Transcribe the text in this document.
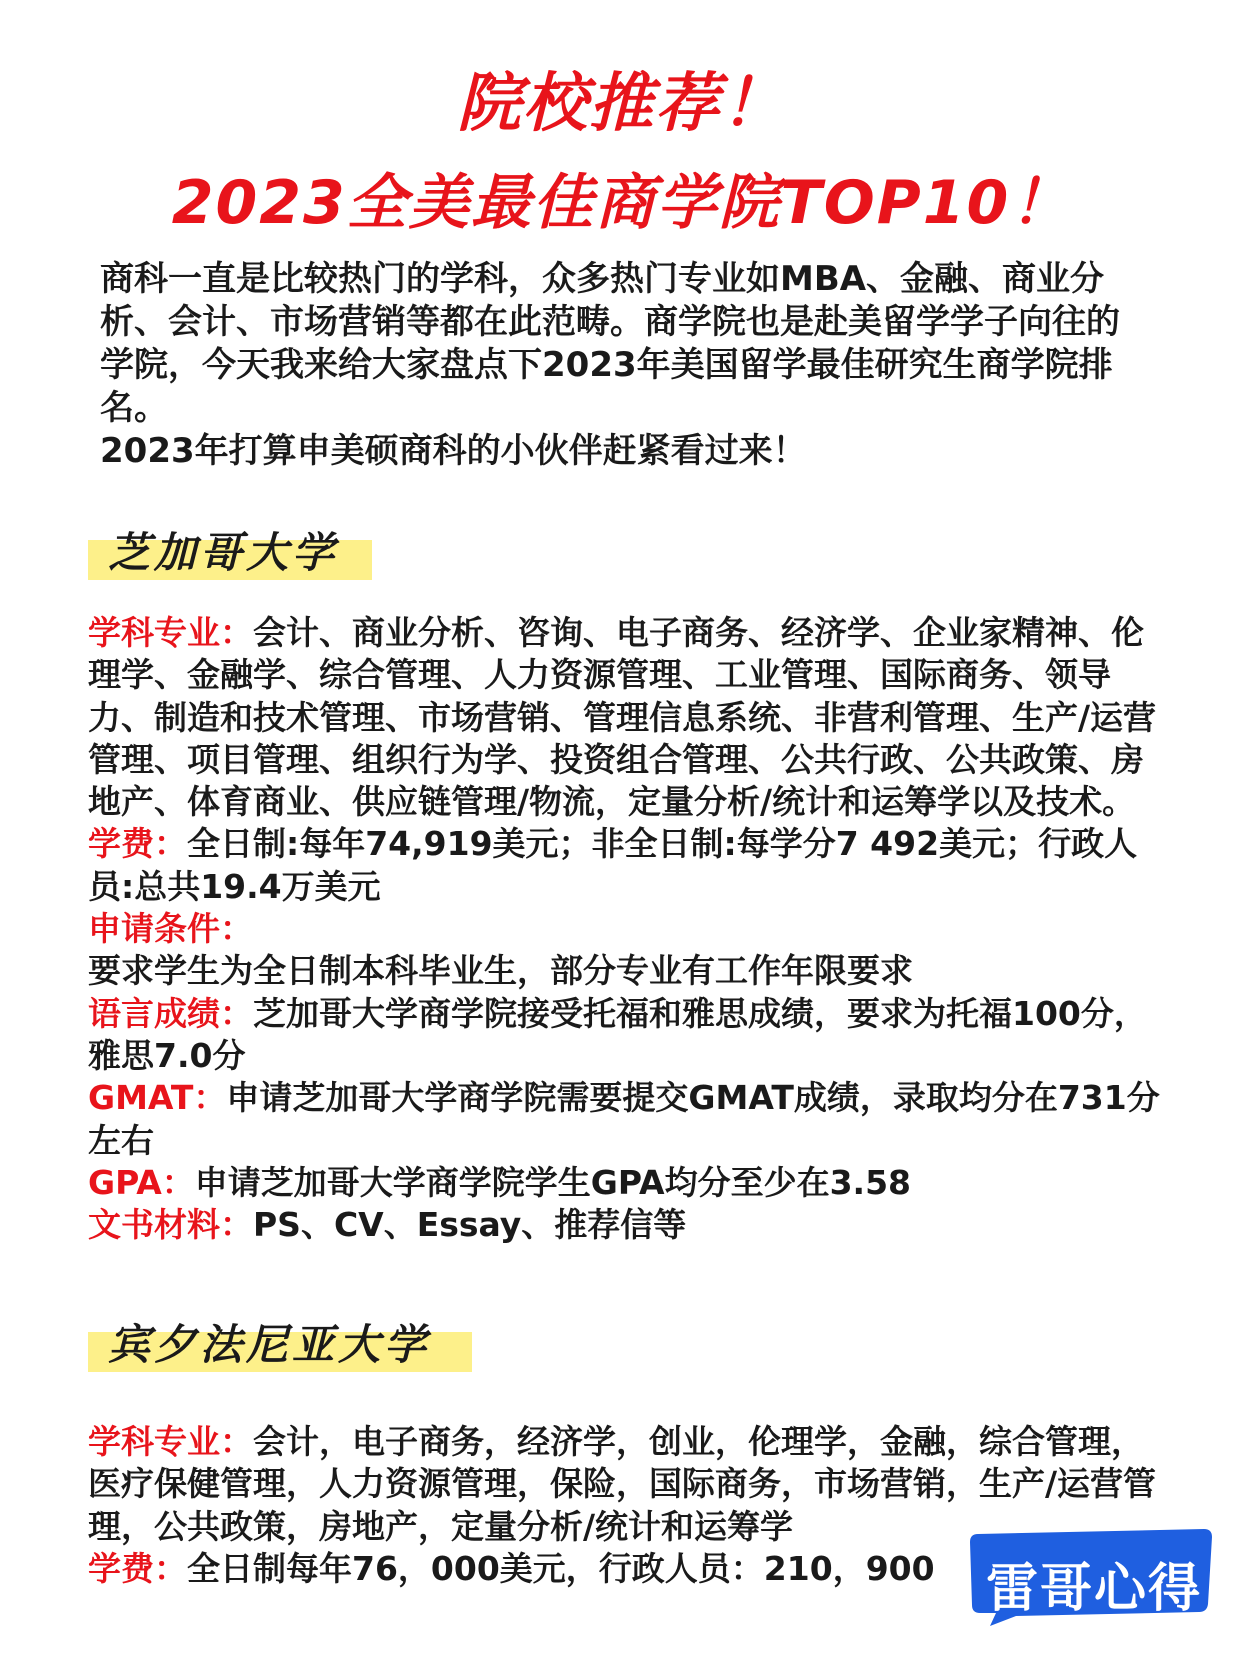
院校推荐！
2023全美最佳商学院TOP10！

商科一直是比较热门的学科，众多热门专业如MBA、金融、商业分析、会计、市场营销等都在此范畴。商学院也是赴美留学学子向往的学院，今天我来给大家盘点下2023年美国留学最佳研究生商学院排名。

2023年打算申美硕商科的小伙伴赶紧看过来！

芝加哥大学

学科专业：会计、商业分析、咨询、电子商务、经济学、企业家精神、伦理学、金融学、综合管理、人力资源管理、工业管理、国际商务、领导力、制造和技术管理、市场营销、管理信息系统、非营利管理、生产/运营管理、项目管理、组织行为学、投资组合管理、公共行政、公共政策、房地产、体育商业、供应链管理/物流，定量分析/统计和运筹学以及技术。

学费：全日制:每年74,919美元；非全日制:每学分7 492美元；行政人员:总共19.4万美元

申请条件：

要求学生为全日制本科毕业生，部分专业有工作年限要求

语言成绩：芝加哥大学商学院接受托福和雅思成绩，要求为托福100分，雅思7.0分

GMAT：申请芝加哥大学商学院需要提交GMAT成绩，录取均分在731分左右

GPA：申请芝加哥大学商学院学生GPA均分至少在3.58

文书材料：PS、CV、Essay、推荐信等

宾夕法尼亚大学

学科专业：会计，电子商务，经济学，创业，伦理学，金融，综合管理，医疗保健管理，人力资源管理，保险，国际商务，市场营销，生产/运营管理，公共政策，房地产，定量分析/统计和运筹学

学费：全日制每年76，000美元，行政人员：210，900 雷哥心得
